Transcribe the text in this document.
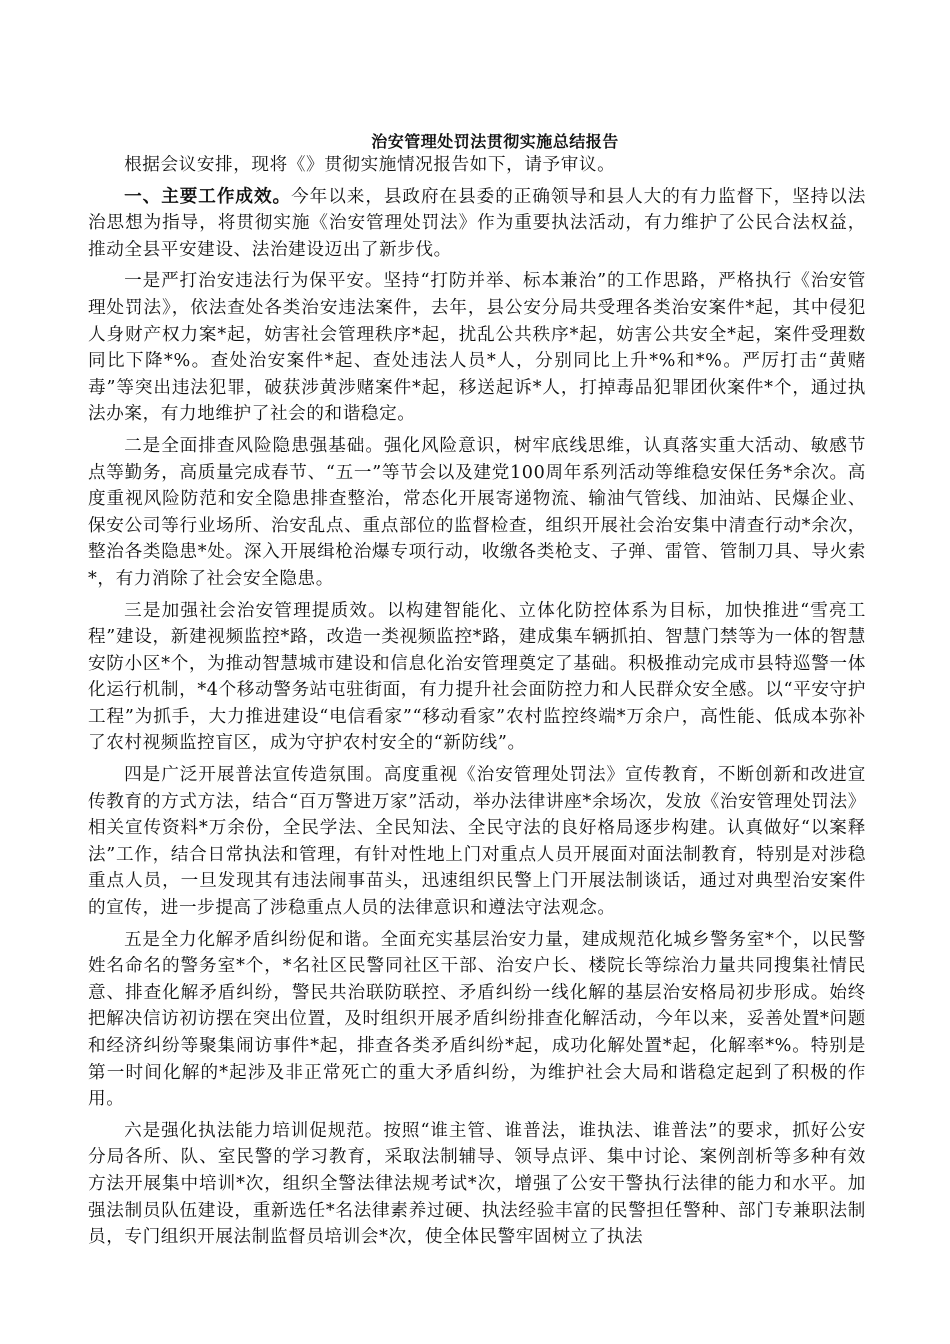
治安管理处罚法贯彻实施总结报告

根据会议安排，现将《》贯彻实施情况报告如下，请予审议。

一、主要工作成效。今年以来，县政府在县委的正确领导和县人大的有力监督下，坚持以法治思想为指导，将贯彻实施《治安管理处罚法》作为重要执法活动，有力维护了公民合法权益，推动全县平安建设、法治建设迈出了新步伐。

一是严打治安违法行为保平安。坚持“打防并举、标本兼治”的工作思路，严格执行《治安管理处罚法》，依法查处各类治安违法案件，去年，县公安分局共受理各类治安案件*起，其中侵犯人身财产权力案*起，妨害社会管理秩序*起，扰乱公共秩序*起，妨害公共安全*起，案件受理数同比下降*%。查处治安案件*起、查处违法人员*人，分别同比上升*%和*%。严厉打击“黄赌毒”等突出违法犯罪，破获涉黄涉赌案件*起，移送起诉*人，打掉毒品犯罪团伙案件*个，通过执法办案，有力地维护了社会的和谐稳定。

二是全面排查风险隐患强基础。强化风险意识，树牢底线思维，认真落实重大活动、敏感节点等勤务，高质量完成春节、“五一”等节会以及建党100周年系列活动等维稳安保任务*余次。高度重视风险防范和安全隐患排查整治，常态化开展寄递物流、输油气管线、加油站、民爆企业、保安公司等行业场所、治安乱点、重点部位的监督检查，组织开展社会治安集中清查行动*余次，整治各类隐患*处。深入开展缉枪治爆专项行动，收缴各类枪支、子弹、雷管、管制刀具、导火索*，有力消除了社会安全隐患。

三是加强社会治安管理提质效。以构建智能化、立体化防控体系为目标，加快推进“雪亮工程”建设，新建视频监控*路，改造一类视频监控*路，建成集车辆抓拍、智慧门禁等为一体的智慧安防小区*个，为推动智慧城市建设和信息化治安管理奠定了基础。积极推动完成市县特巡警一体化运行机制，*4个移动警务站屯驻街面，有力提升社会面防控力和人民群众安全感。以“平安守护工程”为抓手，大力推进建设“电信看家”“移动看家”农村监控终端*万余户，高性能、低成本弥补了农村视频监控盲区，成为守护农村安全的“新防线”。

四是广泛开展普法宣传造氛围。高度重视《治安管理处罚法》宣传教育，不断创新和改进宣传教育的方式方法，结合“百万警进万家”活动，举办法律讲座*余场次，发放《治安管理处罚法》相关宣传资料*万余份，全民学法、全民知法、全民守法的良好格局逐步构建。认真做好“以案释法”工作，结合日常执法和管理，有针对性地上门对重点人员开展面对面法制教育，特别是对涉稳重点人员，一旦发现其有违法闹事苗头，迅速组织民警上门开展法制谈话，通过对典型治安案件的宣传，进一步提高了涉稳重点人员的法律意识和遵法守法观念。

五是全力化解矛盾纠纷促和谐。全面充实基层治安力量，建成规范化城乡警务室*个，以民警姓名命名的警务室*个，*名社区民警同社区干部、治安户长、楼院长等综治力量共同搜集社情民意、排查化解矛盾纠纷，警民共治联防联控、矛盾纠纷一线化解的基层治安格局初步形成。始终把解决信访初访摆在突出位置，及时组织开展矛盾纠纷排查化解活动，今年以来，妥善处置*问题和经济纠纷等聚集闹访事件*起，排查各类矛盾纠纷*起，成功化解处置*起，化解率*%。特别是第一时间化解的*起涉及非正常死亡的重大矛盾纠纷，为维护社会大局和谐稳定起到了积极的作用。

六是强化执法能力培训促规范。按照“谁主管、谁普法，谁执法、谁普法”的要求，抓好公安分局各所、队、室民警的学习教育，采取法制辅导、领导点评、集中讨论、案例剖析等多种有效方法开展集中培训*次，组织全警法律法规考试*次，增强了公安干警执行法律的能力和水平。加强法制员队伍建设，重新选任*名法律素养过硬、执法经验丰富的民警担任警种、部门专兼职法制员，专门组织开展法制监督员培训会*次，使全体民警牢固树立了执法
